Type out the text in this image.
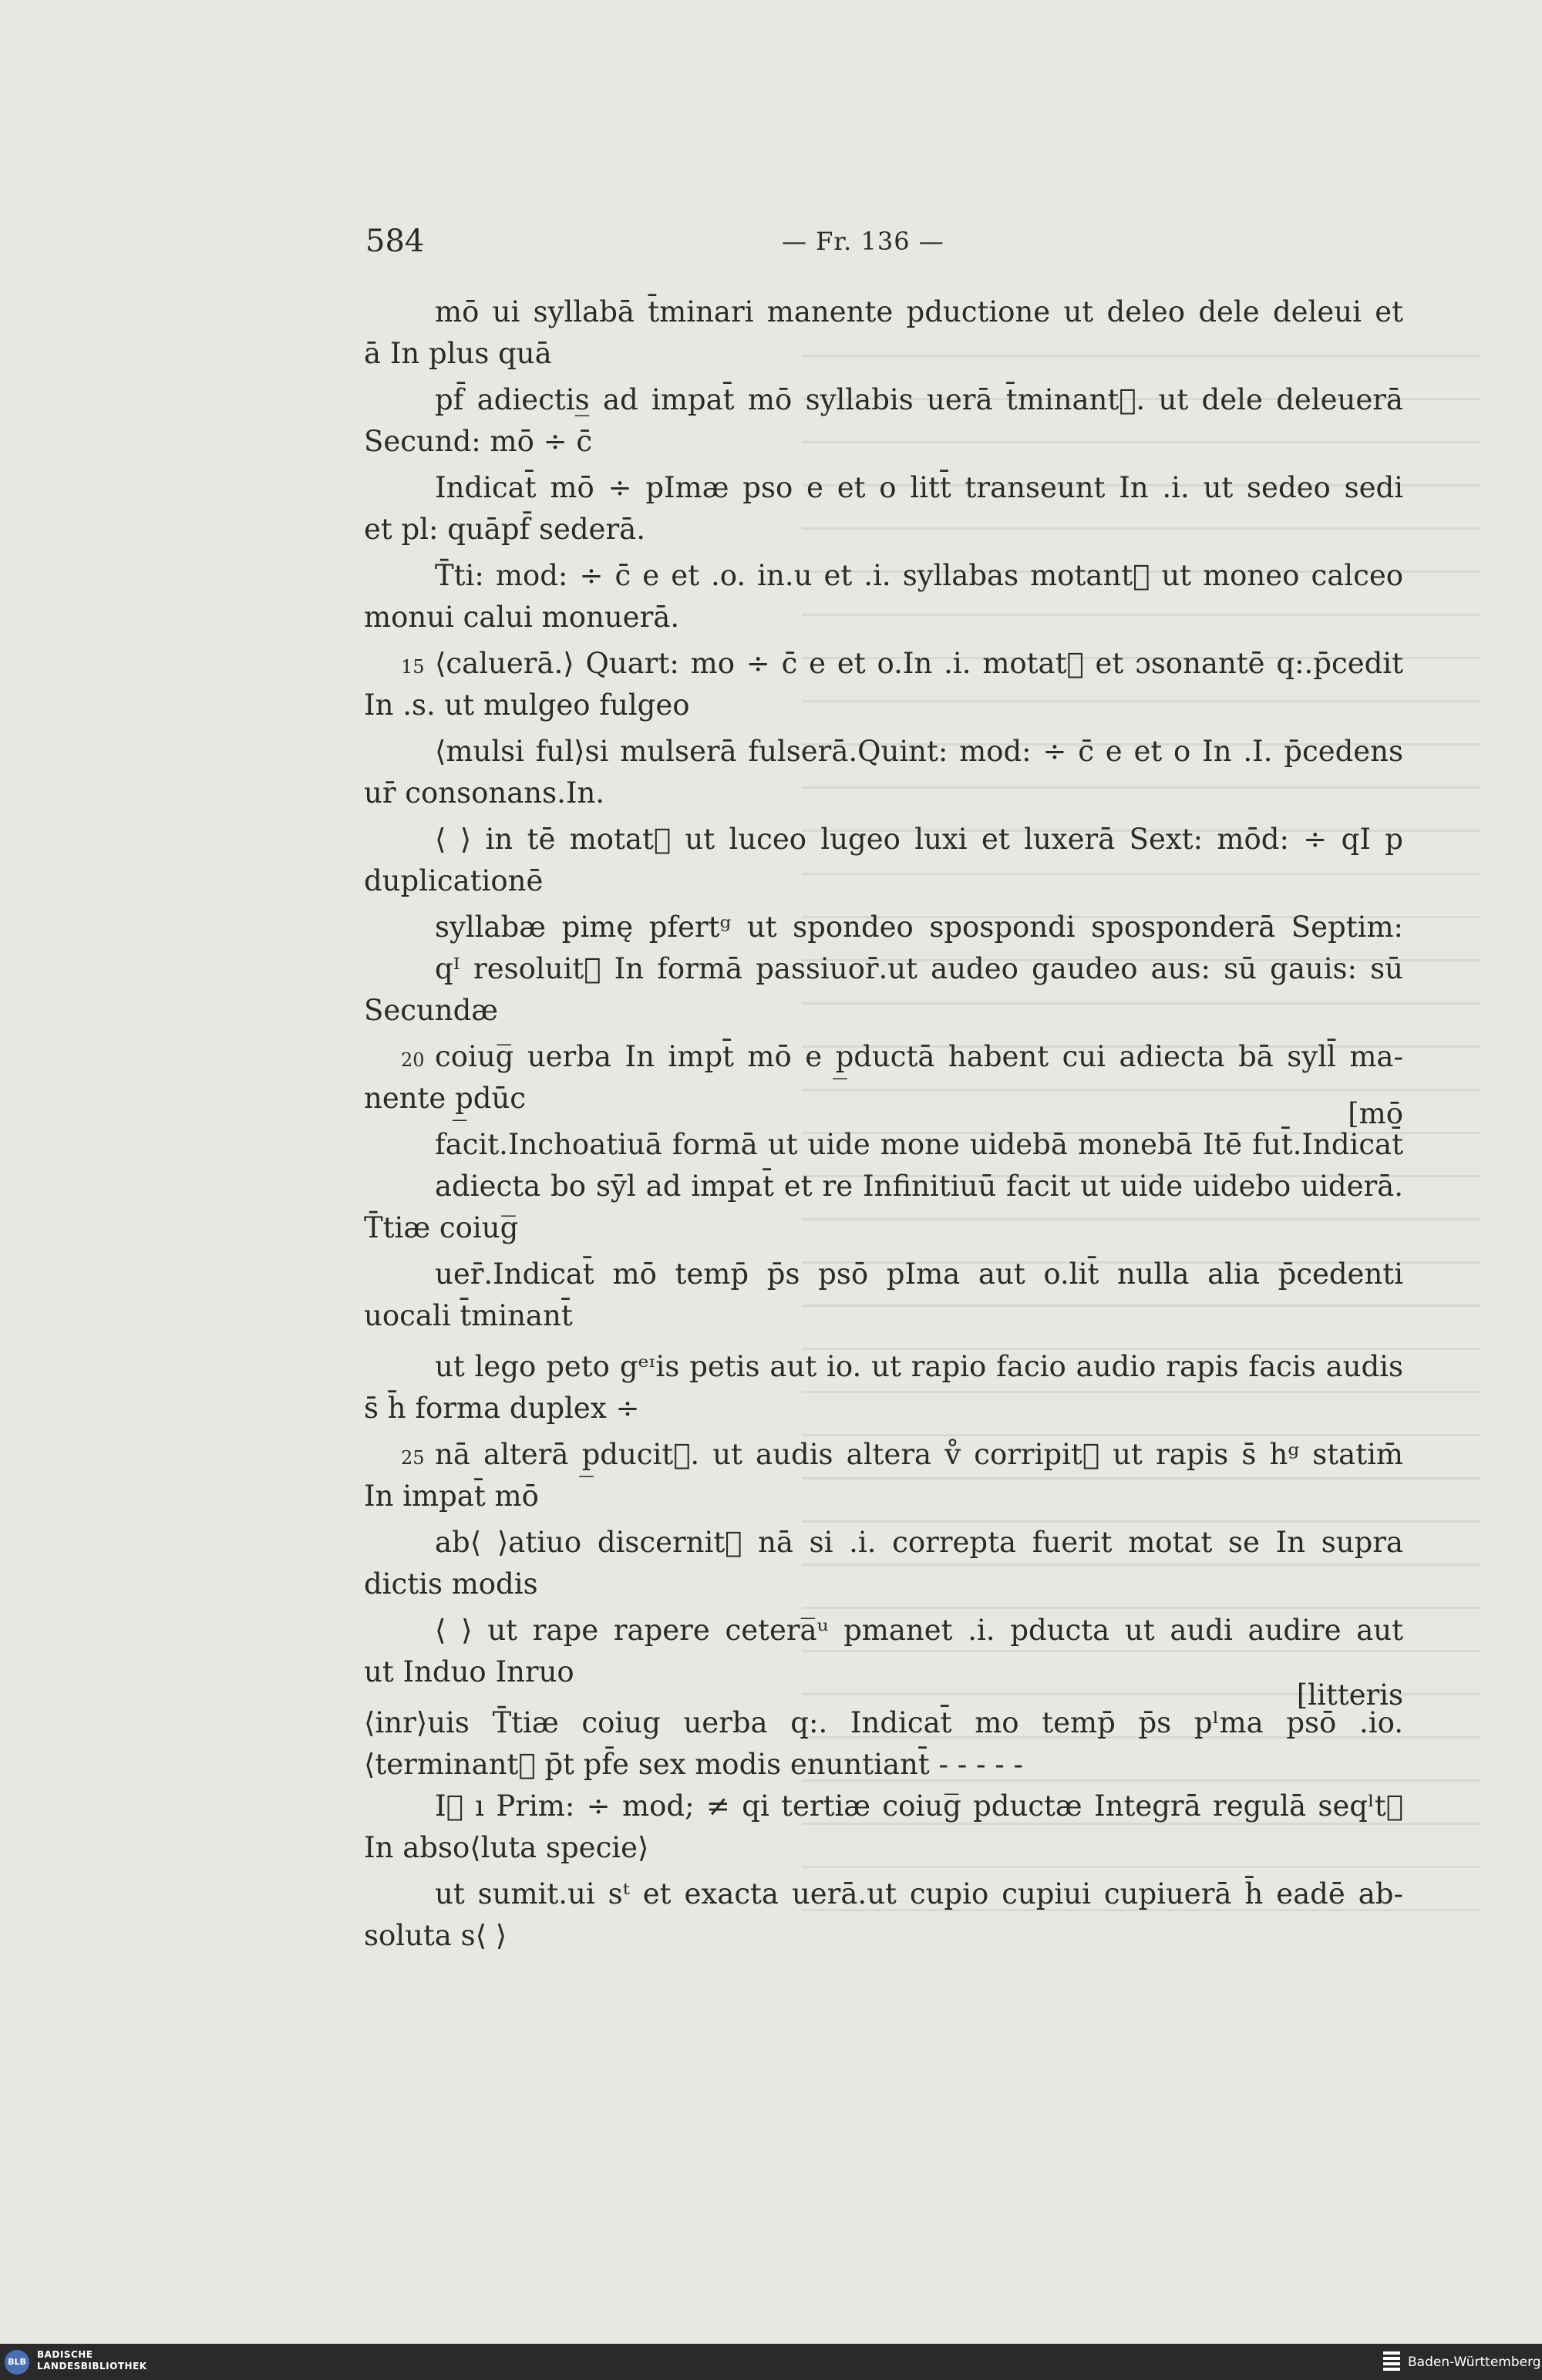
584	— Fr. 136 —
mō ui syllabā t̄minari manente p̲ductione ut deleo dele deleui et
ā In plus quā
pf̄ adiectis̲ ad impat̄ mō syllabis uerā t̄minantᷣ. ut dele deleuerā
Secund: mō ÷ c̄
Indicat̄ mō ÷ pImæ p̲so e et o litt̄ transeunt In .i. ut sedeo sedi
et pl: quāpf̄ sederā.
T̄ti: mod: ÷ c̄ e et .o. in.u et .i. syllabas motantᷣ ut moneo calceo
monui calui monuerā.
15 ⟨caluerā.⟩ Quart: mo ÷ c̄ e et o.In .i. motatᷣ et ɔsonantē q:.p̄cedit
In .s. ut mulgeo fulgeo
⟨mulsi ful⟩si mulserā fulserā.Quint: mod: ÷ c̄ e et o In .I. p̄cedens
ur̄ consonans.In.
⟨ ⟩ in tē motatᷣ ut luceo lugeo luxi et luxerā Sext: mōd: ÷ qI p̲
duplicationē
syllabæ pimę p̲fertᵍ ut spondeo spospondi sposponderā Septim:
qᴵ resoluitᷣ In formā passiuor̄.ut audeo gaudeo aus: sū gauis: sū
Secundæ
20 coiug̅ uerba In impt̄ mō e p̲ductā habent cui adiecta bā syll̄ ma-
nente p̲dūc	[mō
facit.Inchoatiuā formā ut uide mone uidebā monebā Itē fut̄.Indicat̄
adiecta bo sȳl ad impat̄ et re Infinitiuū facit ut uide uidebo uiderā.
T̄tiæ coiug̅
uer̄.Indicat̄ mō temp̄ p̄s p̲sō pIma aut o.lit̄ nulla alia p̄cedenti
uocali t̄minant̄
ut lego peto gᵉᶦis petis aut io. ut rapio facio audio rapis facis audis
s̄ h̄ forma duplex ÷
25 nā alterā p̲ducitᷣ. ut audis altera v̊ corripitᷣ ut rapis s̄ hᵍ statim̄
In impat̄ mō
ab⟨ ⟩atiuo discernitᷣ nā si .i. correpta fuerit motat se In supra
dictis modis
⟨ ⟩ ut rape rapere cetera̅ᵘ p̲manet .i. p̲ducta ut audi audire aut
ut Induo Inruo
[litteris
⟨inr⟩uis T̄tiæ coiug uerba q:. Indicat̄ mo temp̄ p̄s pˡma psō .io.
⟨terminantᷣ p̄t pf̄e sex modis enuntiant̄ - - - - -
Iᷣ ı Prim: ÷ mod; ≠ qi tertiæ coiug̅ p̲ductæ Integrā regulā seqˡtᷣ
In abso⟨luta specie⟩
ut sumit.ui sᵗ et exacta uerā.ut cupio cupiui cupiuerā h̄ eadē ab-
soluta s⟨ ⟩
BLB
BADISCHE
LANDESBIBLIOTHEK	Baden-Württemberg
